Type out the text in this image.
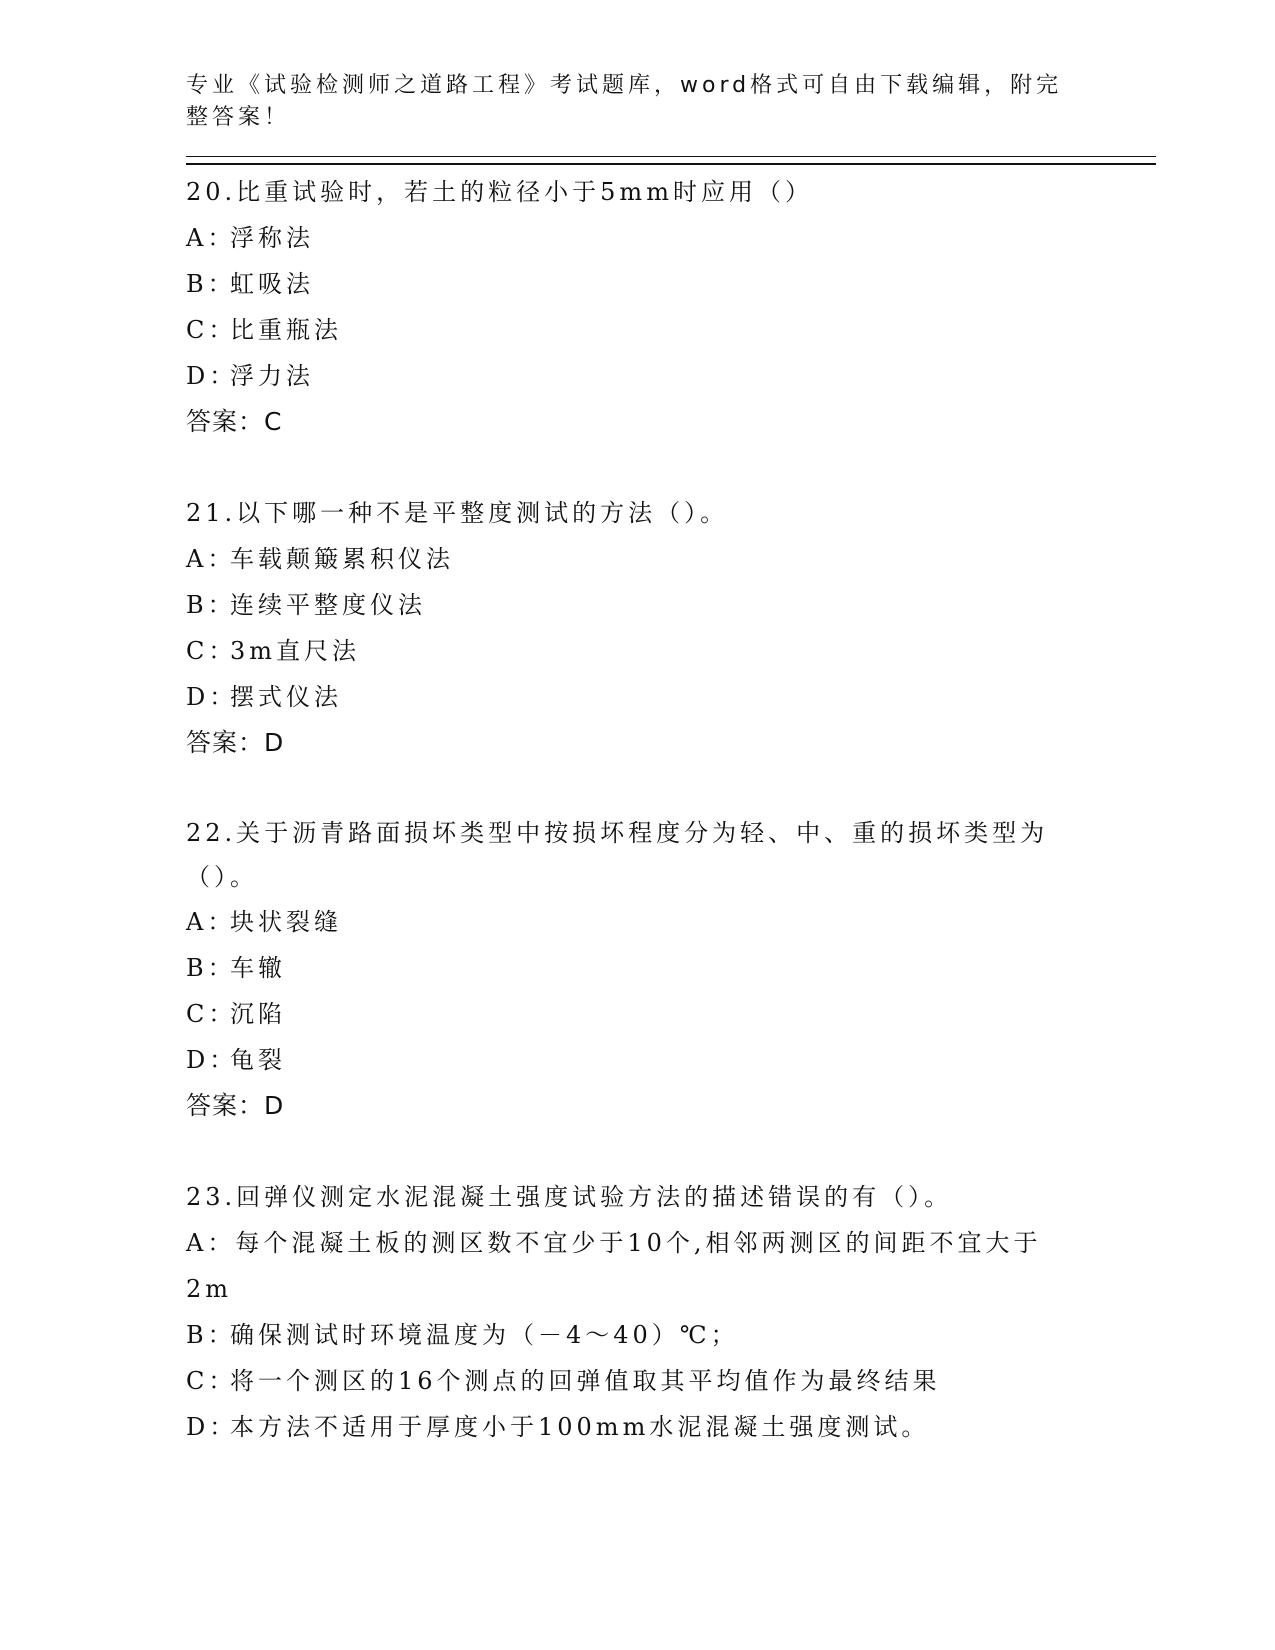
专业《试验检测师之道路工程》考试题库，word格式可自由下载编辑，附完整答案！
20.比重试验时，若土的粒径小于5mm时应用（）
A：
浮称法
B：
虹吸法
C：
比重瓶法
D：
浮力法
答案：C
21.以下哪一种不是平整度测试的方法（）。
A：
车载颠簸累积仪法
B：
连续平整度仪法
C：
3m直尺法
D：
摆式仪法
答案：D
22.关于沥青路面损坏类型中按损坏程度分为轻、中、重的损坏类型为（）。
A：
块状裂缝
B：
车辙
C：
沉陷
D：
龟裂
答案：D
23.回弹仪测定水泥混凝土强度试验方法的描述错误的有（）。
A：每个混凝土板的测区数不宜少于10个,相邻两测区的间距不宜大于2m
B：
确保测试时环境温度为（－4～40）℃；
C：
将一个测区的16个测点的回弹值取其平均值作为最终结果
D：
本方法不适用于厚度小于100mm水泥混凝土强度测试。
